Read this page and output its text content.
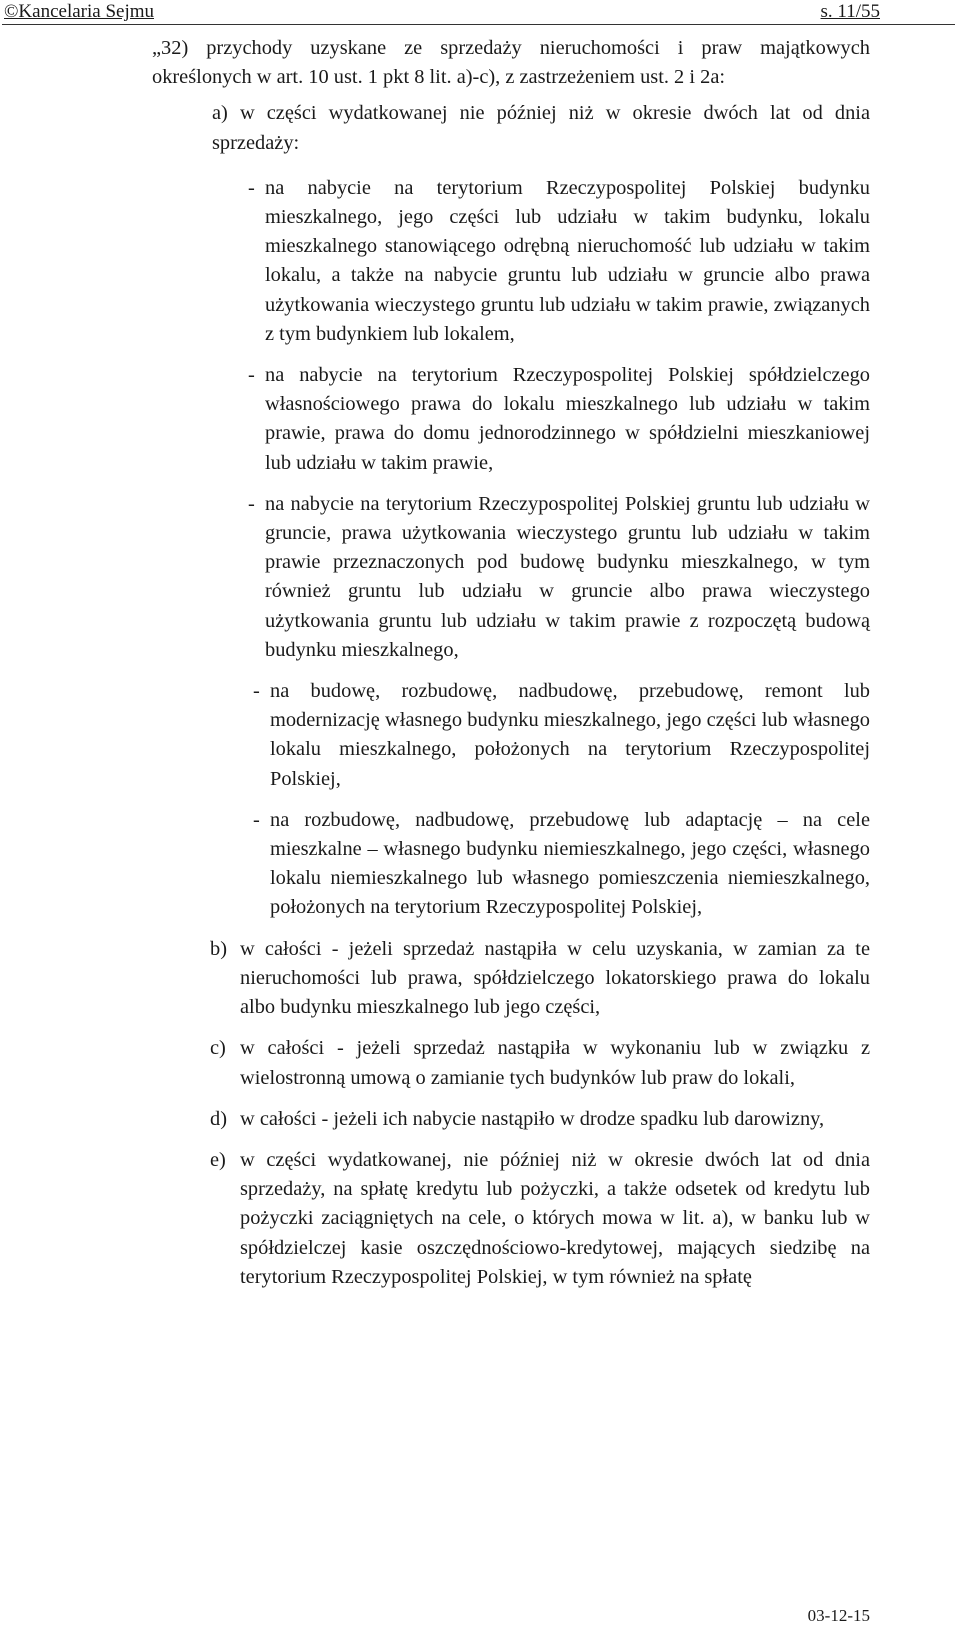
©Kancelaria Sejmu	s. 11/55

„32) przychody uzyskane ze sprzedaży nieruchomości i praw majątkowych określonych w art. 10 ust. 1 pkt 8 lit. a)-c), z zastrzeżeniem ust. 2 i 2a:

a) w części wydatkowanej nie później niż w okresie dwóch lat od dnia sprzedaży:

- na nabycie na terytorium Rzeczypospolitej Polskiej budynku mieszkalnego, jego części lub udziału w takim budynku, lokalu mieszkalnego stanowiącego odrębną nieruchomość lub udziału w takim lokalu, a także na nabycie gruntu lub udziału w gruncie albo prawa użytkowania wieczystego gruntu lub udziału w takim prawie, związanych z tym budynkiem lub lokalem,

- na nabycie na terytorium Rzeczypospolitej Polskiej spółdzielczego własnościowego prawa do lokalu mieszkalnego lub udziału w takim prawie, prawa do domu jednorodzinnego w spółdzielni mieszkaniowej lub udziału w takim prawie,

- na nabycie na terytorium Rzeczypospolitej Polskiej gruntu lub udziału w gruncie, prawa użytkowania wieczystego gruntu lub udziału w takim prawie przeznaczonych pod budowę budynku mieszkalnego, w tym również gruntu lub udziału w gruncie albo prawa wieczystego użytkowania gruntu lub udziału w takim prawie z rozpoczętą budową budynku mieszkalnego,

- na budowę, rozbudowę, nadbudowę, przebudowę, remont lub modernizację własnego budynku mieszkalnego, jego części lub własnego lokalu mieszkalnego, położonych na terytorium Rzeczypospolitej Polskiej,

- na rozbudowę, nadbudowę, przebudowę lub adaptację – na cele mieszkalne – własnego budynku niemieszkalnego, jego części, własnego lokalu niemieszkalnego lub własnego pomieszczenia niemieszkalnego, położonych na terytorium Rzeczypospolitej Polskiej,

b) w całości - jeżeli sprzedaż nastąpiła w celu uzyskania, w zamian za te nieruchomości lub prawa, spółdzielczego lokatorskiego prawa do lokalu albo budynku mieszkalnego lub jego części,

c) w całości - jeżeli sprzedaż nastąpiła w wykonaniu lub w związku z wielostronną umową o zamianie tych budynków lub praw do lokali,

d) w całości - jeżeli ich nabycie nastąpiło w drodze spadku lub darowizny,

e) w części wydatkowanej, nie później niż w okresie dwóch lat od dnia sprzedaży, na spłatę kredytu lub pożyczki, a także odsetek od kredytu lub pożyczki zaciągniętych na cele, o których mowa w lit. a), w banku lub w spółdzielczej kasie oszczędnościowo-kredytowej, mających siedzibę na terytorium Rzeczypospolitej Polskiej, w tym również na spłatę

03-12-15
